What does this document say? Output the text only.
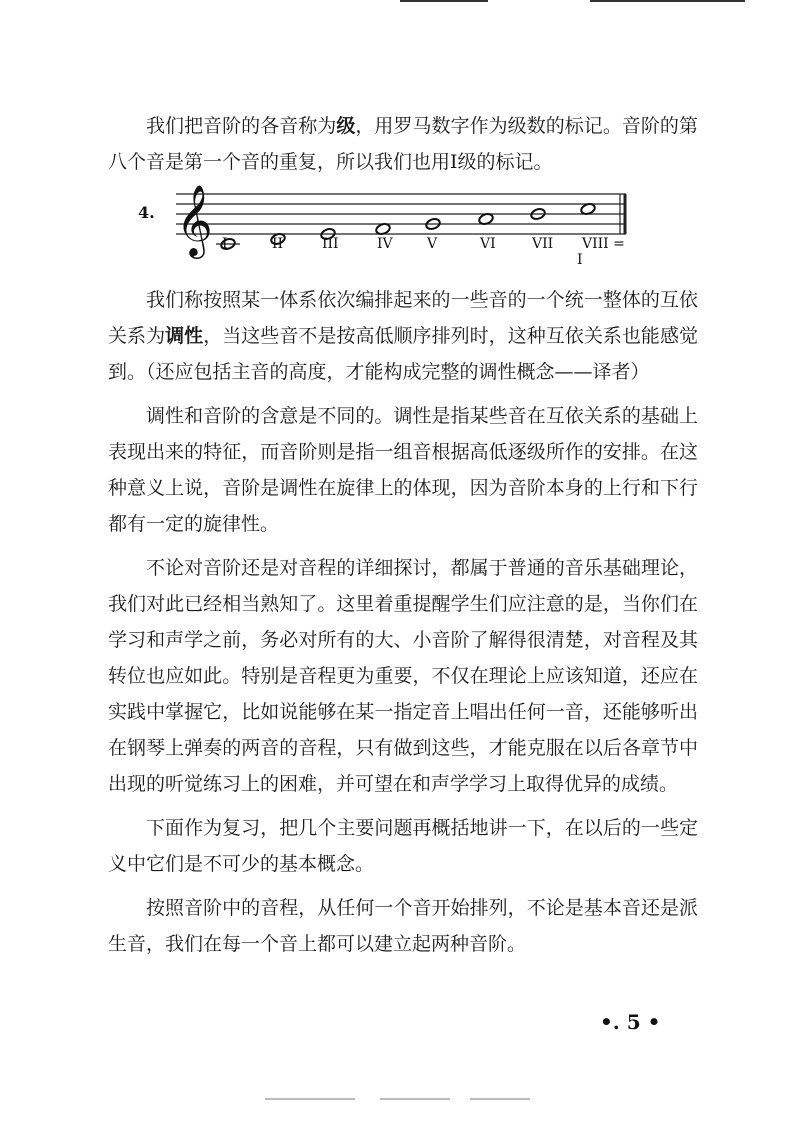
我们把音阶的各音称为级，用罗马数字作为级数的标记。音阶的第八个音是第一个音的重复，所以我们也用Ⅰ级的标记。

4. 𝄞 I	II	III	IV V	VI	VII VIII =
I

我们称按照某一体系依次编排起来的一些音的一个统一整体的互依关系为调性，当这些音不是按高低顺序排列时，这种互依关系也能感觉到。（还应包括主音的高度，才能构成完整的调性概念——译者）

调性和音阶的含意是不同的。调性是指某些音在互依关系的基础上表现出来的特征，而音阶则是指一组音根据高低逐级所作的安排。在这种意义上说，音阶是调性在旋律上的体现，因为音阶本身的上行和下行都有一定的旋律性。

不论对音阶还是对音程的详细探讨，都属于普通的音乐基础理论，我们对此已经相当熟知了。这里着重提醒学生们应注意的是，当你们在学习和声学之前，务必对所有的大、小音阶了解得很清楚，对音程及其转位也应如此。特别是音程更为重要，不仅在理论上应该知道，还应在实践中掌握它，比如说能够在某一指定音上唱出任何一音，还能够听出在钢琴上弹奏的两音的音程，只有做到这些，才能克服在以后各章节中出现的听觉练习上的困难，并可望在和声学学习上取得优异的成绩。

下面作为复习，把几个主要问题再概括地讲一下，在以后的一些定义中它们是不可少的基本概念。

按照音阶中的音程，从任何一个音开始排列，不论是基本音还是派生音，我们在每一个音上都可以建立起两种音阶。

•. 5 •
